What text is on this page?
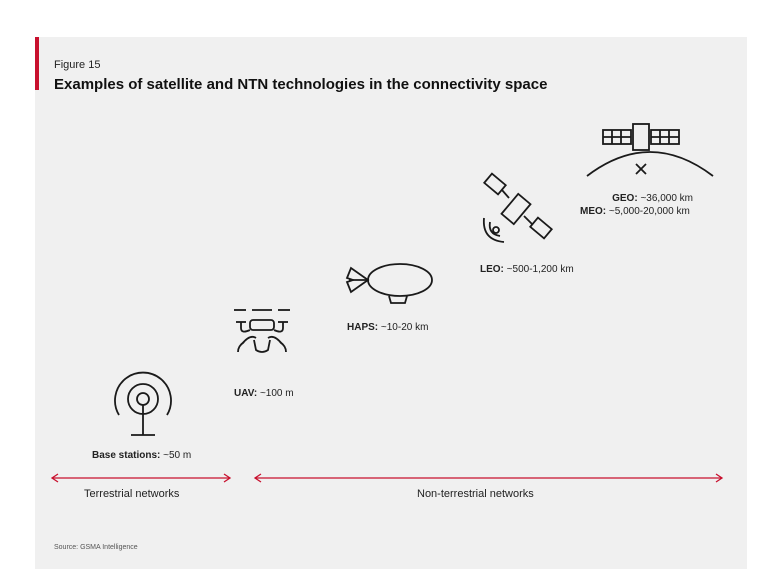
Figure 15
Examples of satellite and NTN technologies in the connectivity space
GEO: ~36,000 km
MEO: ~5,000-20,000 km
LEO: ~500-1,200 km
HAPS: ~10-20 km
UAV: ~100 m
Base stations: ~50 m
Terrestrial networks	Non-terrestrial networks
Source: GSMA Intelligence
